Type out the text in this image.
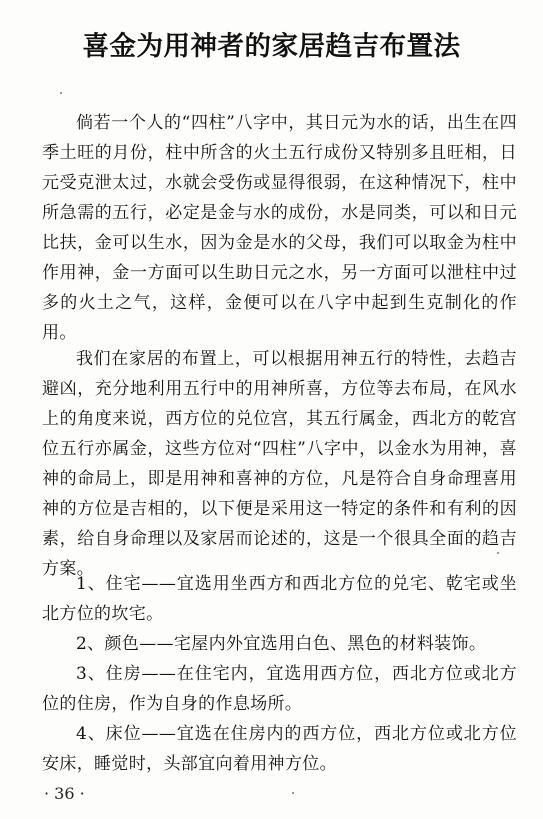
喜金为用神者的家居趋吉布置法

倘若一个人的“四柱”八字中，其日元为水的话，出生在四季土旺的月份，柱中所含的火土五行成份又特别多且旺相，日元受克泄太过，水就会受伤或显得很弱，在这种情况下，柱中所急需的五行，必定是金与水的成份，水是同类，可以和日元比扶，金可以生水，因为金是水的父母，我们可以取金为柱中作用神，金一方面可以生助日元之水，另一方面可以泄柱中过多的火土之气，这样，金便可以在八字中起到生克制化的作用。

我们在家居的布置上，可以根据用神五行的特性，去趋吉避凶，充分地利用五行中的用神所喜，方位等去布局，在风水上的角度来说，西方位的兑位宫，其五行属金，西北方的乾宫位五行亦属金，这些方位对“四柱”八字中，以金水为用神，喜神的命局上，即是用神和喜神的方位，凡是符合自身命理喜用神的方位是吉相的，以下便是采用这一特定的条件和有利的因素，给自身命理以及家居而论述的，这是一个很具全面的趋吉方案。

1、住宅——宜选用坐西方和西北方位的兑宅、乾宅或坐北方位的坎宅。

2、颜色——宅屋内外宜选用白色、黑色的材料装饰。

3、住房——在住宅内，宜选用西方位，西北方位或北方位的住房，作为自身的作息场所。

4、床位——宜选在住房内的西方位，西北方位或北方位安床，睡觉时，头部宜向着用神方位。

· 36 ·
